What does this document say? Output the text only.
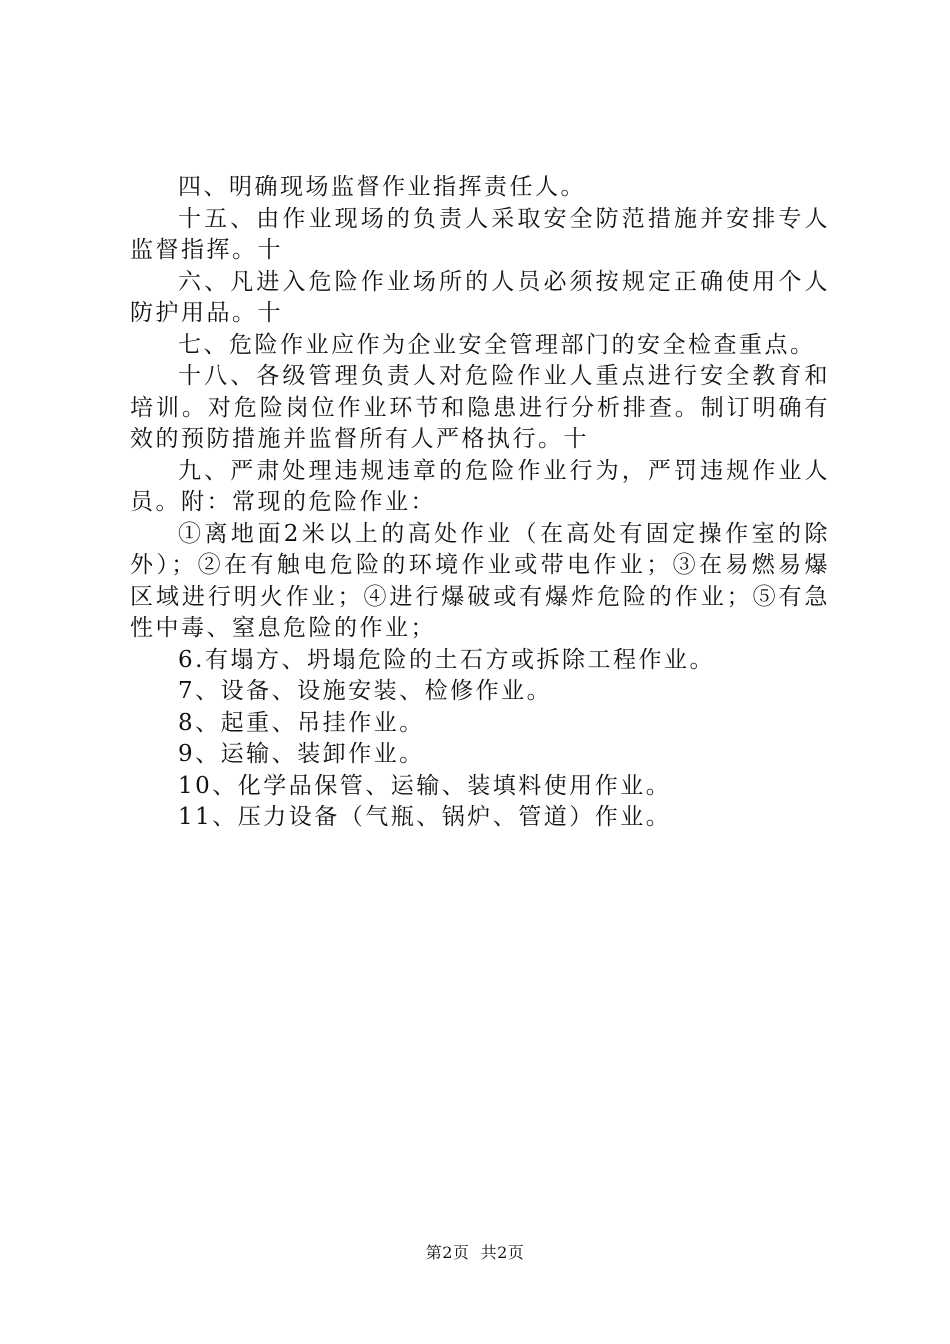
四、明确现场监督作业指挥责任人。

十五、由作业现场的负责人采取安全防范措施并安排专人监督指挥。十

六、凡进入危险作业场所的人员必须按规定正确使用个人防护用品。十

七、危险作业应作为企业安全管理部门的安全检查重点。

十八、各级管理负责人对危险作业人重点进行安全教育和培训。对危险岗位作业环节和隐患进行分析排查。制订明确有效的预防措施并监督所有人严格执行。十

九、严肃处理违规违章的危险作业行为，严罚违规作业人员。附：常现的危险作业：

①离地面2米以上的高处作业（在高处有固定操作室的除外）；②在有触电危险的环境作业或带电作业；③在易燃易爆区域进行明火作业；④进行爆破或有爆炸危险的作业；⑤有急性中毒、窒息危险的作业；

6.有塌方、坍塌危险的土石方或拆除工程作业。

7、设备、设施安装、检修作业。

8、起重、吊挂作业。

9、运输、装卸作业。

10、化学品保管、运输、装填料使用作业。

11、压力设备（气瓶、锅炉、管道）作业。

第2页 共2页
